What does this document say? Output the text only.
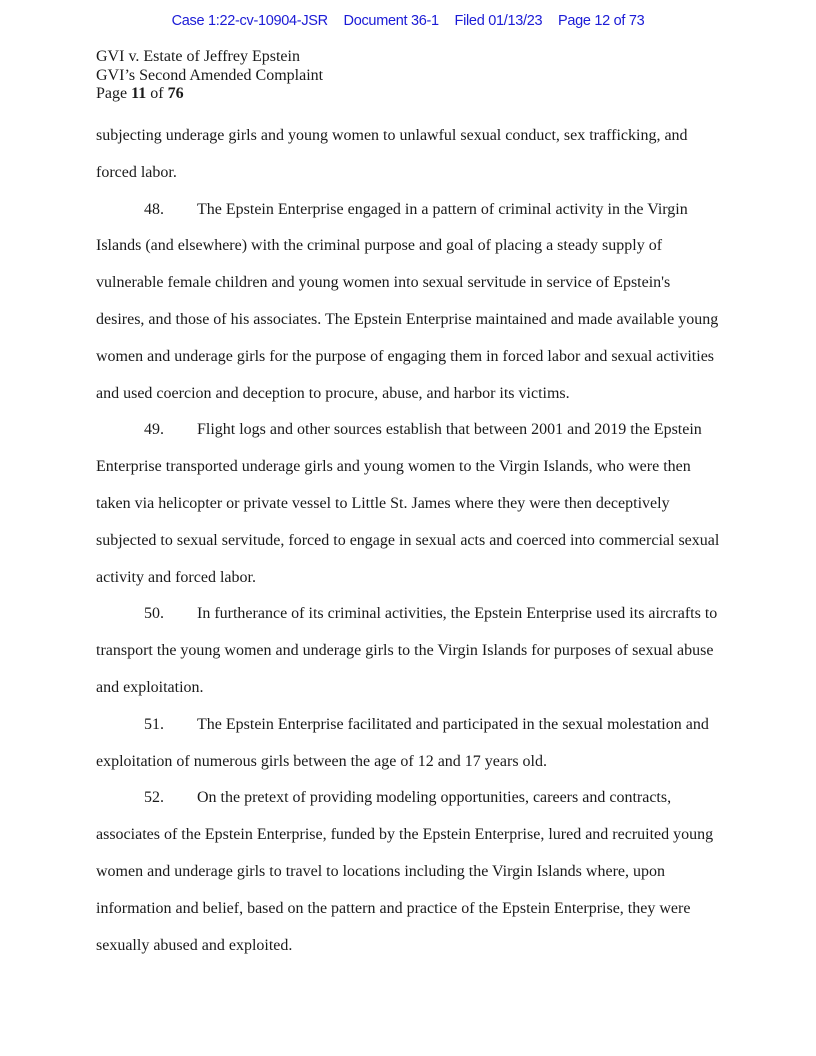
Case 1:22-cv-10904-JSR Document 36-1 Filed 01/13/23 Page 12 of 73
GVI v. Estate of Jeffrey Epstein
GVI’s Second Amended Complaint
Page 11 of 76

subjecting underage girls and young women to unlawful sexual conduct, sex trafficking, and forced labor.

48. The Epstein Enterprise engaged in a pattern of criminal activity in the Virgin Islands (and elsewhere) with the criminal purpose and goal of placing a steady supply of vulnerable female children and young women into sexual servitude in service of Epstein's desires, and those of his associates. The Epstein Enterprise maintained and made available young women and underage girls for the purpose of engaging them in forced labor and sexual activities and used coercion and deception to procure, abuse, and harbor its victims.

49. Flight logs and other sources establish that between 2001 and 2019 the Epstein Enterprise transported underage girls and young women to the Virgin Islands, who were then taken via helicopter or private vessel to Little St. James where they were then deceptively subjected to sexual servitude, forced to engage in sexual acts and coerced into commercial sexual activity and forced labor.

50. In furtherance of its criminal activities, the Epstein Enterprise used its aircrafts to transport the young women and underage girls to the Virgin Islands for purposes of sexual abuse and exploitation.

51. The Epstein Enterprise facilitated and participated in the sexual molestation and exploitation of numerous girls between the age of 12 and 17 years old.

52. On the pretext of providing modeling opportunities, careers and contracts, associates of the Epstein Enterprise, funded by the Epstein Enterprise, lured and recruited young women and underage girls to travel to locations including the Virgin Islands where, upon information and belief, based on the pattern and practice of the Epstein Enterprise, they were sexually abused and exploited.
